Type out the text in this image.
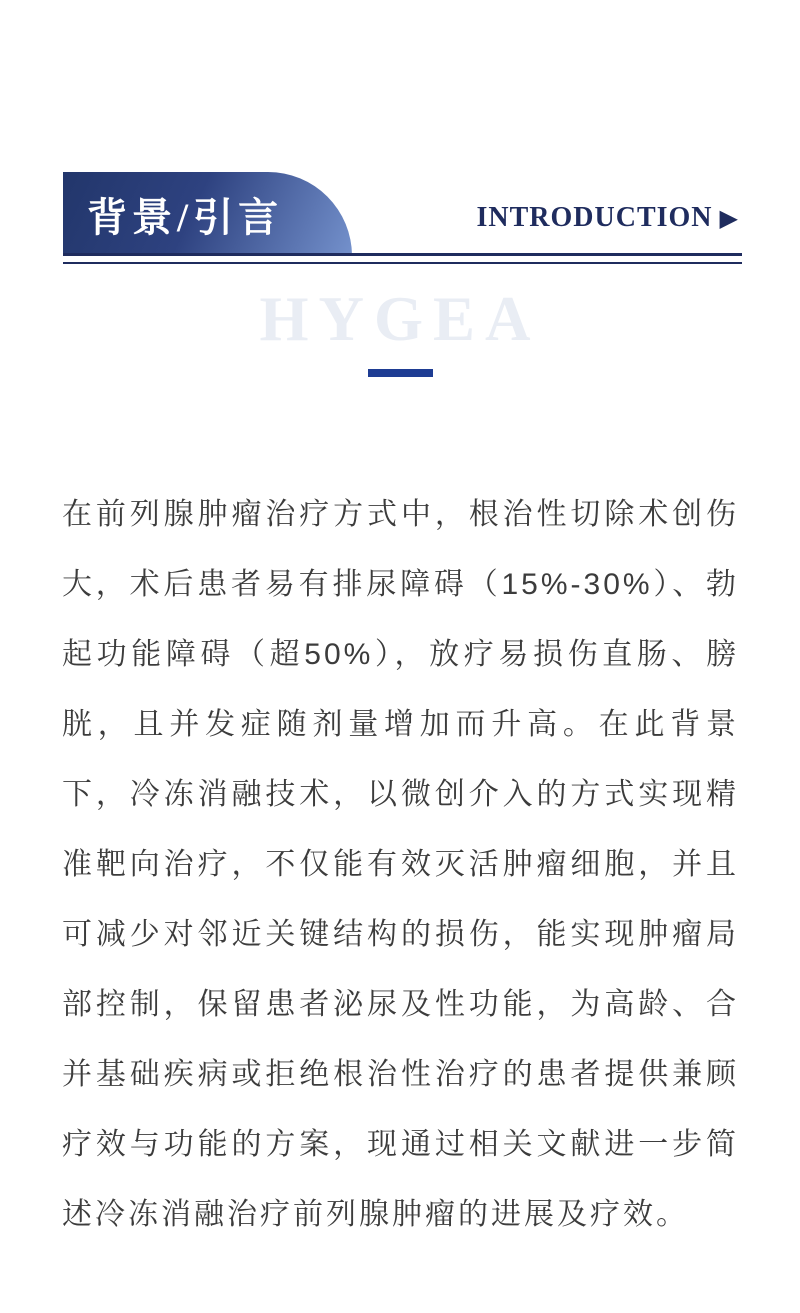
背景/引言	INTRODUCTION ▶
HYGEA

在前列腺肿瘤治疗方式中，根治性切除术创伤大，术后患者易有排尿障碍（15%-30%）、勃起功能障碍（超50%），放疗易损伤直肠、膀胱，且并发症随剂量增加而升高。在此背景下，冷冻消融技术，以微创介入的方式实现精准靶向治疗，不仅能有效灭活肿瘤细胞，并且可减少对邻近关键结构的损伤，能实现肿瘤局部控制，保留患者泌尿及性功能，为高龄、合并基础疾病或拒绝根治性治疗的患者提供兼顾疗效与功能的方案，现通过相关文献进一步简述冷冻消融治疗前列腺肿瘤的进展及疗效。
